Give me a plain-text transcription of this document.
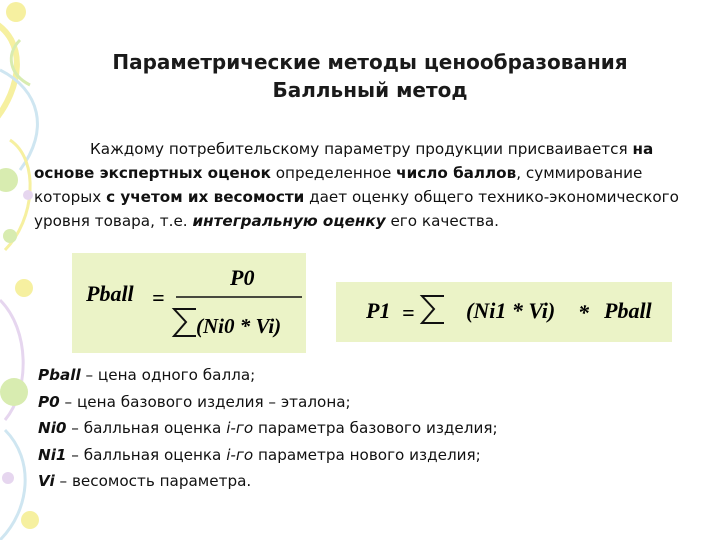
Параметрические методы ценообразования
Балльный метод
Каждому потребительскому параметру продукции присваивается на основе экспертных оценок определенное число баллов, суммирование которых с учетом их весомости дает оценку общего технико-экономического уровня товара, т.е. интегральную оценку его качества.
Pball =
P0
(Ni0 * Vi)
P1 = (Ni1 * Vi) * Pball
Pball – цена одного балла;
P0 – цена базового изделия – эталона;
Ni0 – балльная оценка i-го параметра базового изделия;
Ni1 – балльная оценка i-го параметра нового изделия;
Vi – весомость параметра.
